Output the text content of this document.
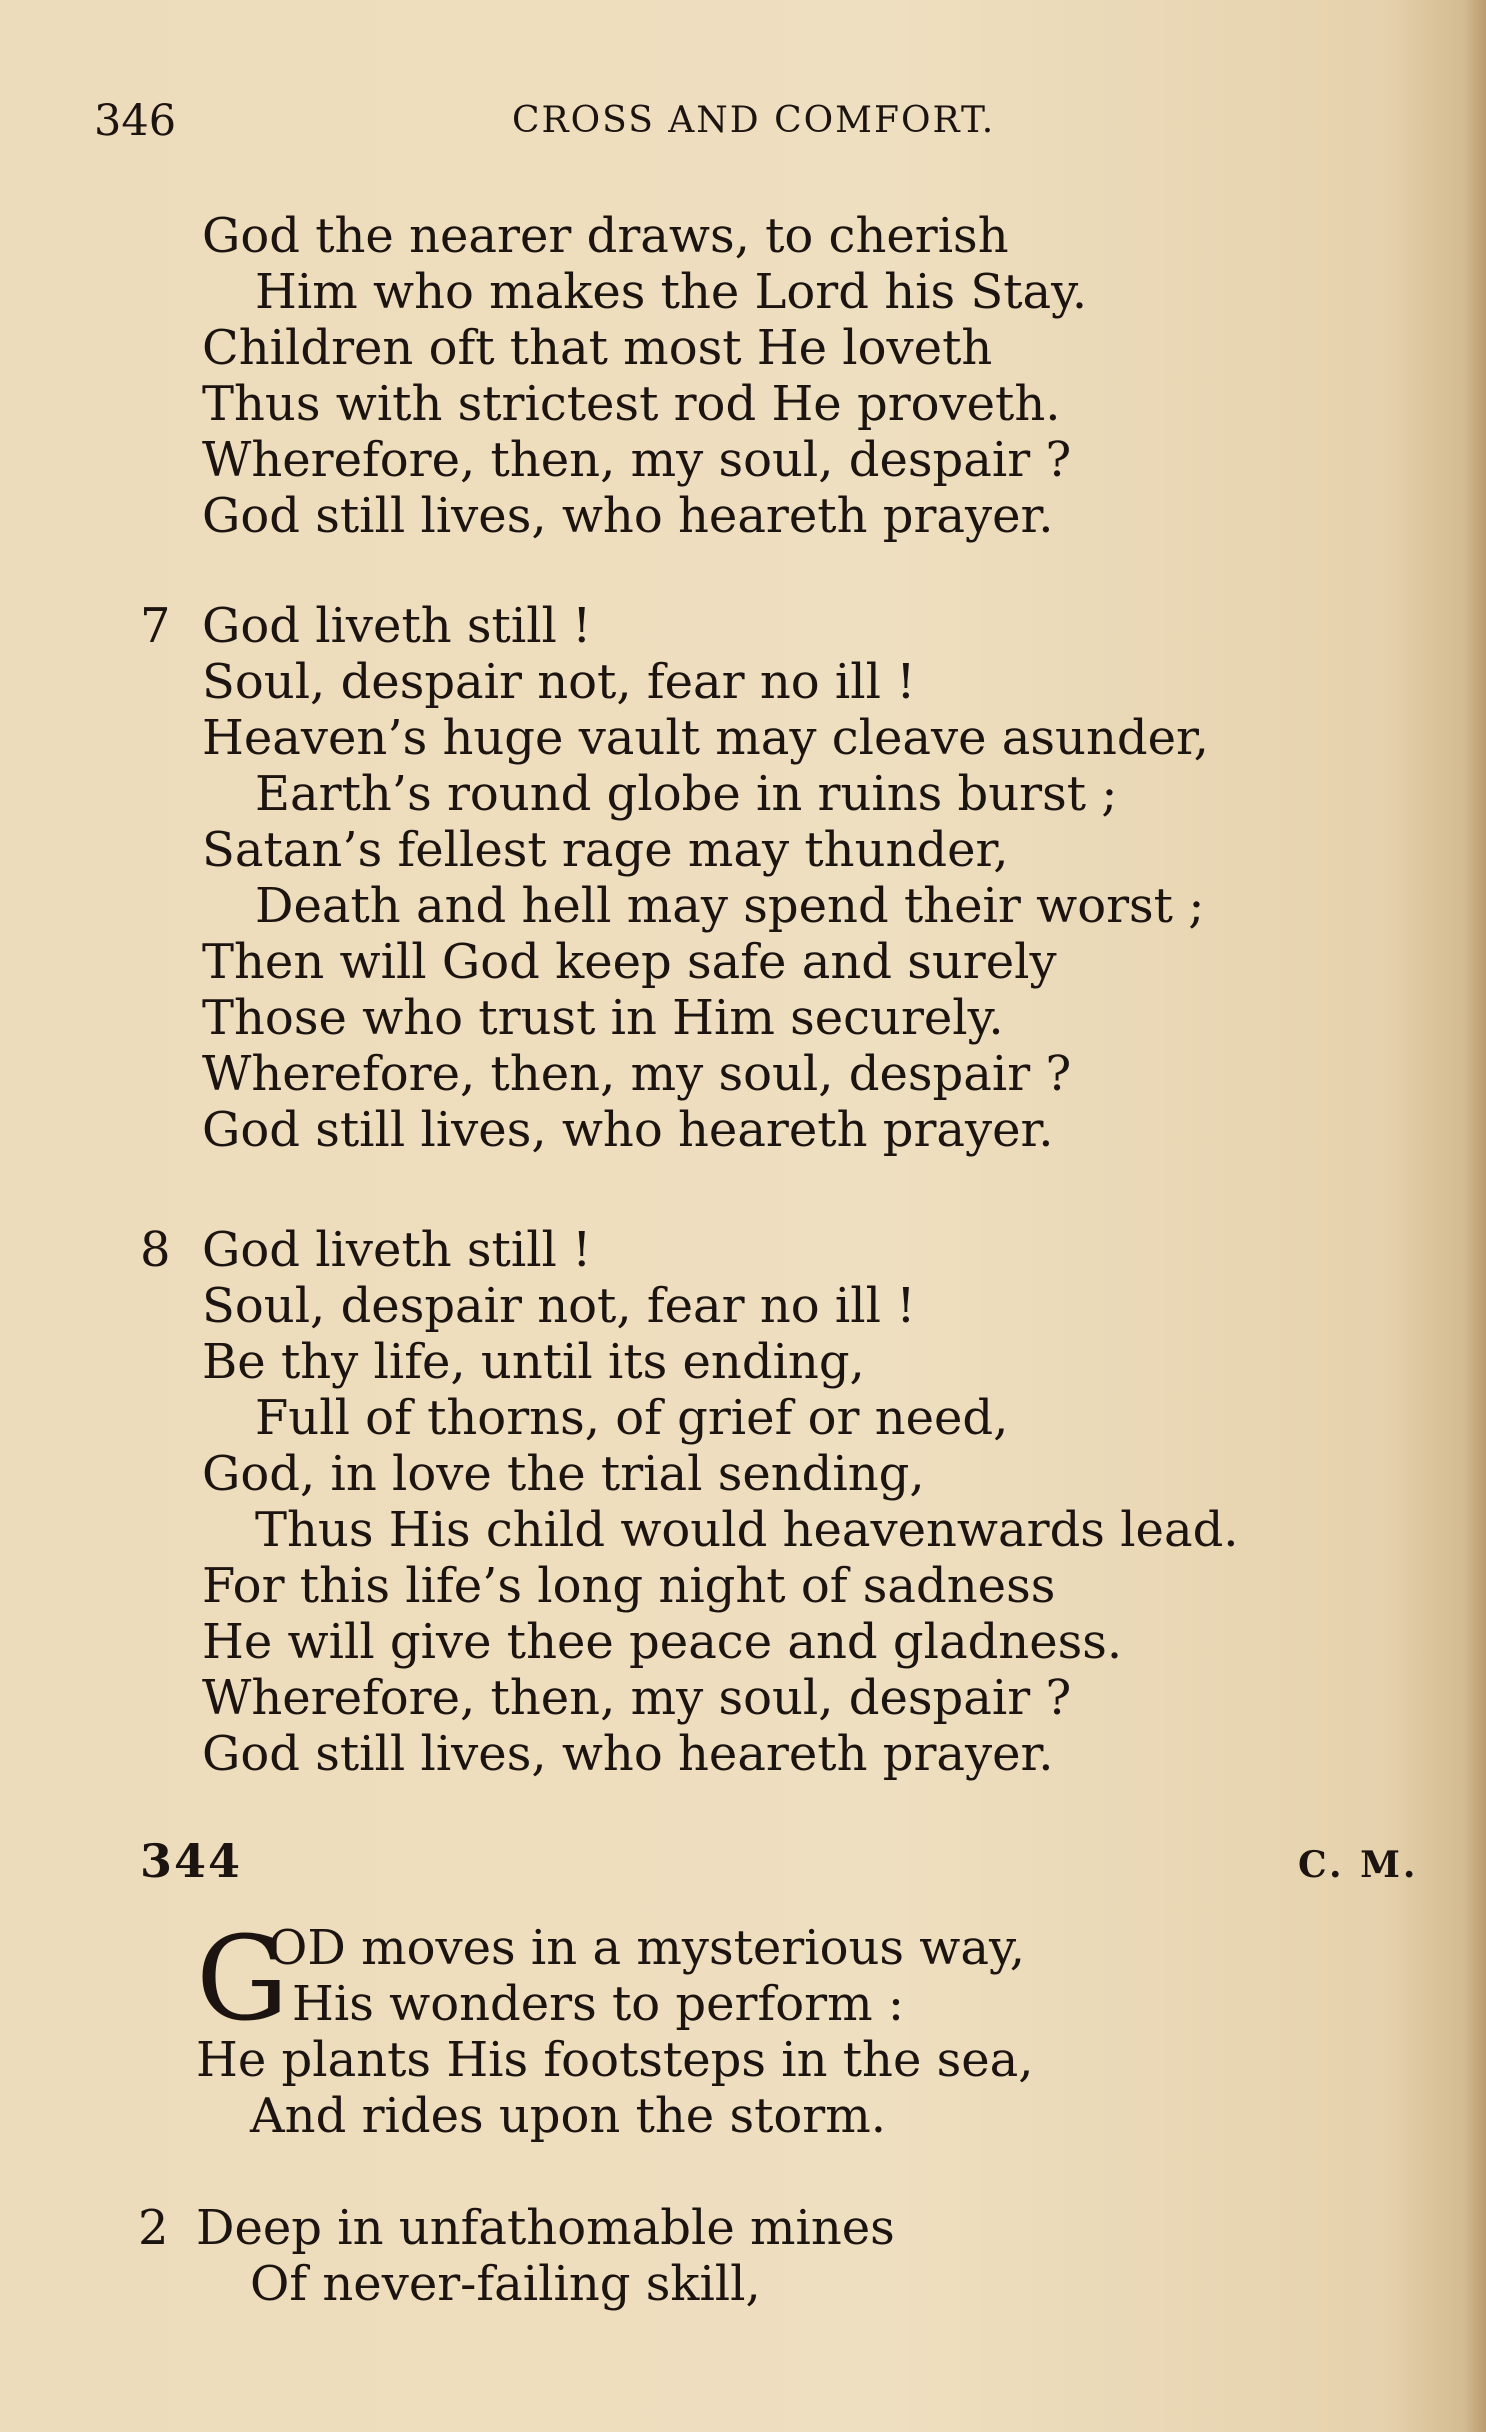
346	CROSS AND COMFORT.
God the nearer draws, to cherish
Him who makes the Lord his Stay.
Children oft that most He loveth
Thus with strictest rod He proveth.
Wherefore, then, my soul, despair ?
God still lives, who heareth prayer.
7 God liveth still !
Soul, despair not, fear no ill !
Heaven’s huge vault may cleave asunder,
Earth’s round globe in ruins burst ;
Satan’s fellest rage may thunder,
Death and hell may spend their worst ;
Then will God keep safe and surely
Those who trust in Him securely.
Wherefore, then, my soul, despair ?
God still lives, who heareth prayer.
8 God liveth still !
Soul, despair not, fear no ill !
Be thy life, until its ending,
Full of thorns, of grief or need,
God, in love the trial sending,
Thus His child would heavenwards lead.
For this life’s long night of sadness
He will give thee peace and gladness.
Wherefore, then, my soul, despair ?
God still lives, who heareth prayer.
344	C. M.
G
OD moves in a mysterious way,
His wonders to perform :
He plants His footsteps in the sea,
And rides upon the storm.
2 Deep in unfathomable mines
Of never-failing skill,
